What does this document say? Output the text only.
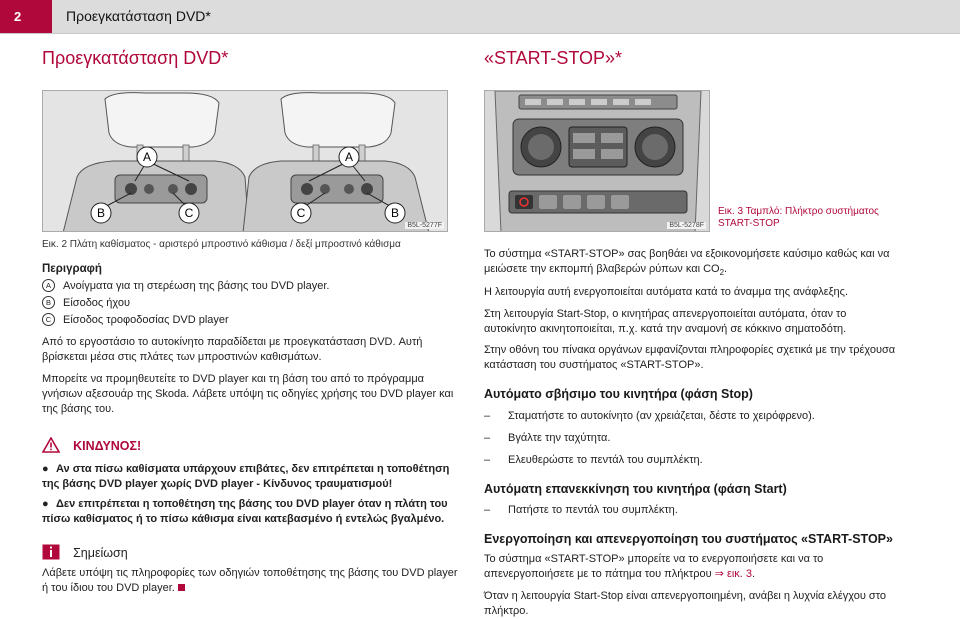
2	Προεγκατάσταση DVD*
Προεγκατάσταση DVD*
A	A
B	C	C	B
B5L-5277F
Εικ. 2 Πλάτη καθίσματος - αριστερό μπροστινό κάθισμα / δεξί μπροστινό κάθισμα
Περιγραφή
A Ανοίγματα για τη στερέωση της βάσης του DVD player.
B Είσοδος ήχου
C Είσοδος τροφοδοσίας DVD player
Από το εργοστάσιο το αυτοκίνητο παραδίδεται με προεγκατάσταση DVD. Αυτή
βρίσκεται μέσα στις πλάτες των μπροστινών καθισμάτων.
Μπορείτε να προμηθευτείτε το DVD player και τη βάση του από το πρόγραμμα
γνήσιων αξεσουάρ της Skoda. Λάβετε υπόψη τις οδηγίες χρήσης του DVD player και
της βάσης του.
ΚΙΝΔΥΝΟΣ!
● Αν στα πίσω καθίσματα υπάρχουν επιβάτες, δεν επιτρέπεται η τοποθέτηση
της βάσης DVD player χωρίς DVD player - Κίνδυνος τραυματισμού!
● Δεν επιτρέπεται η τοποθέτηση της βάσης του DVD player όταν η πλάτη του
πίσω καθίσματος ή το πίσω κάθισμα είναι κατεβασμένο ή εντελώς βγαλμένο.
Σημείωση
Λάβετε υπόψη τις πληροφορίες των οδηγιών τοποθέτησης της βάσης του DVD player
ή του ίδιου του DVD player.
«START-STOP»*
B5L-5278F
Εικ. 3 Ταμπλό: Πλήκτρο συστήματος
START-STOP
Το σύστημα «START-STOP» σας βοηθάει να εξοικονομήσετε καύσιμο καθώς και να
μειώσετε την εκπομπή βλαβερών ρύπων και $CO_2$.
Η λειτουργία αυτή ενεργοποιείται αυτόματα κατά το άναμμα της ανάφλεξης.
Στη λειτουργία Start-Stop, ο κινητήρας απενεργοποιείται αυτόματα, όταν το
αυτοκίνητο ακινητοποιείται, π.χ. κατά την αναμονή σε κόκκινο σηματοδότη.
Στην οθόνη του πίνακα οργάνων εμφανίζονται πληροφορίες σχετικά με την τρέχουσα
κατάσταση του συστήματος «START-STOP».
Αυτόματο σβήσιμο του κινητήρα (φάση Stop)
– Σταματήστε το αυτοκίνητο (αν χρειάζεται, δέστε το χειρόφρενο).
– Βγάλτε την ταχύτητα.
– Ελευθερώστε το πεντάλ του συμπλέκτη.
Αυτόματη επανεκκίνηση του κινητήρα (φάση Start)
– Πατήστε το πεντάλ του συμπλέκτη.
Ενεργοποίηση και απενεργοποίηση του συστήματος «START-STOP»
Το σύστημα «START-STOP» μπορείτε να το ενεργοποιήσετε και να το
απενεργοποιήσετε με το πάτημα του πλήκτρου ⇒ εικ. 3.
Όταν η λειτουργία Start-Stop είναι απενεργοποιημένη, ανάβει η λυχνία ελέγχου στο
πλήκτρο.
